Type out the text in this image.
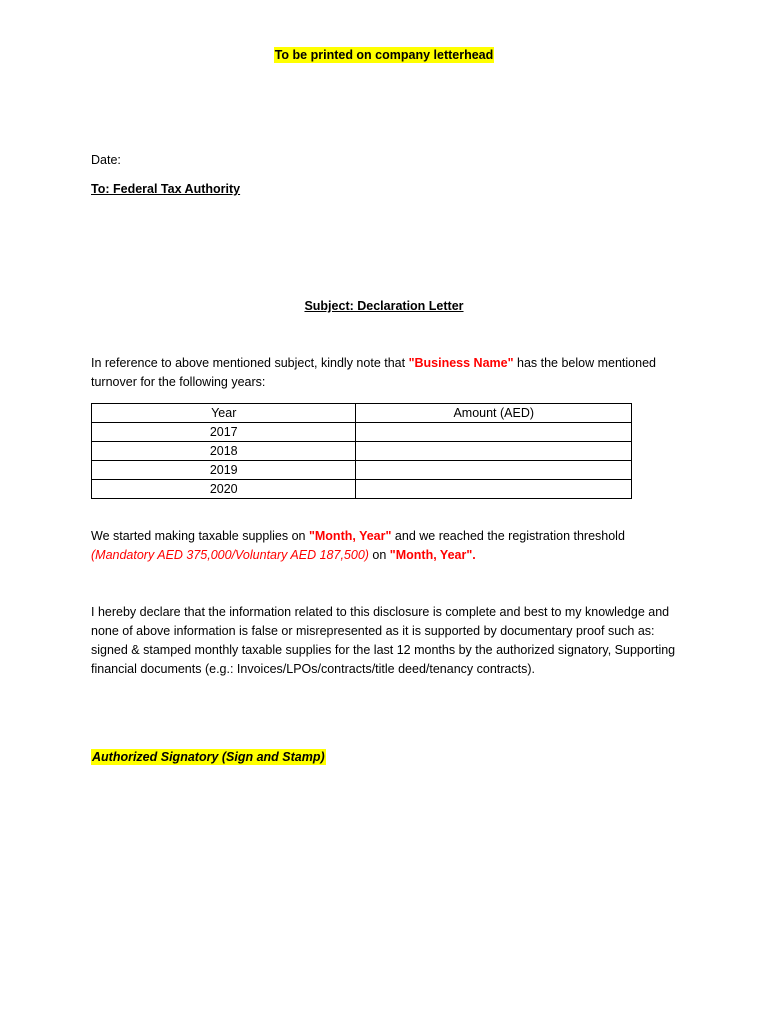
To be printed on company letterhead
Date:
To: Federal Tax Authority
Subject: Declaration Letter
In reference to above mentioned subject, kindly note that "Business Name" has the below mentioned turnover for the following years:
Year	Amount (AED)
2017	
2018	
2019	
2020	
We started making taxable supplies on "Month, Year" and we reached the registration threshold
(Mandatory AED 375,000/Voluntary AED 187,500) on "Month, Year".
I hereby declare that the information related to this disclosure is complete and best to my knowledge and none of above information is false or misrepresented as it is supported by documentary proof such as: signed & stamped monthly taxable supplies for the last 12 months by the authorized signatory, Supporting financial documents (e.g.: Invoices/LPOs/contracts/title deed/tenancy contracts).
Authorized Signatory (Sign and Stamp)
